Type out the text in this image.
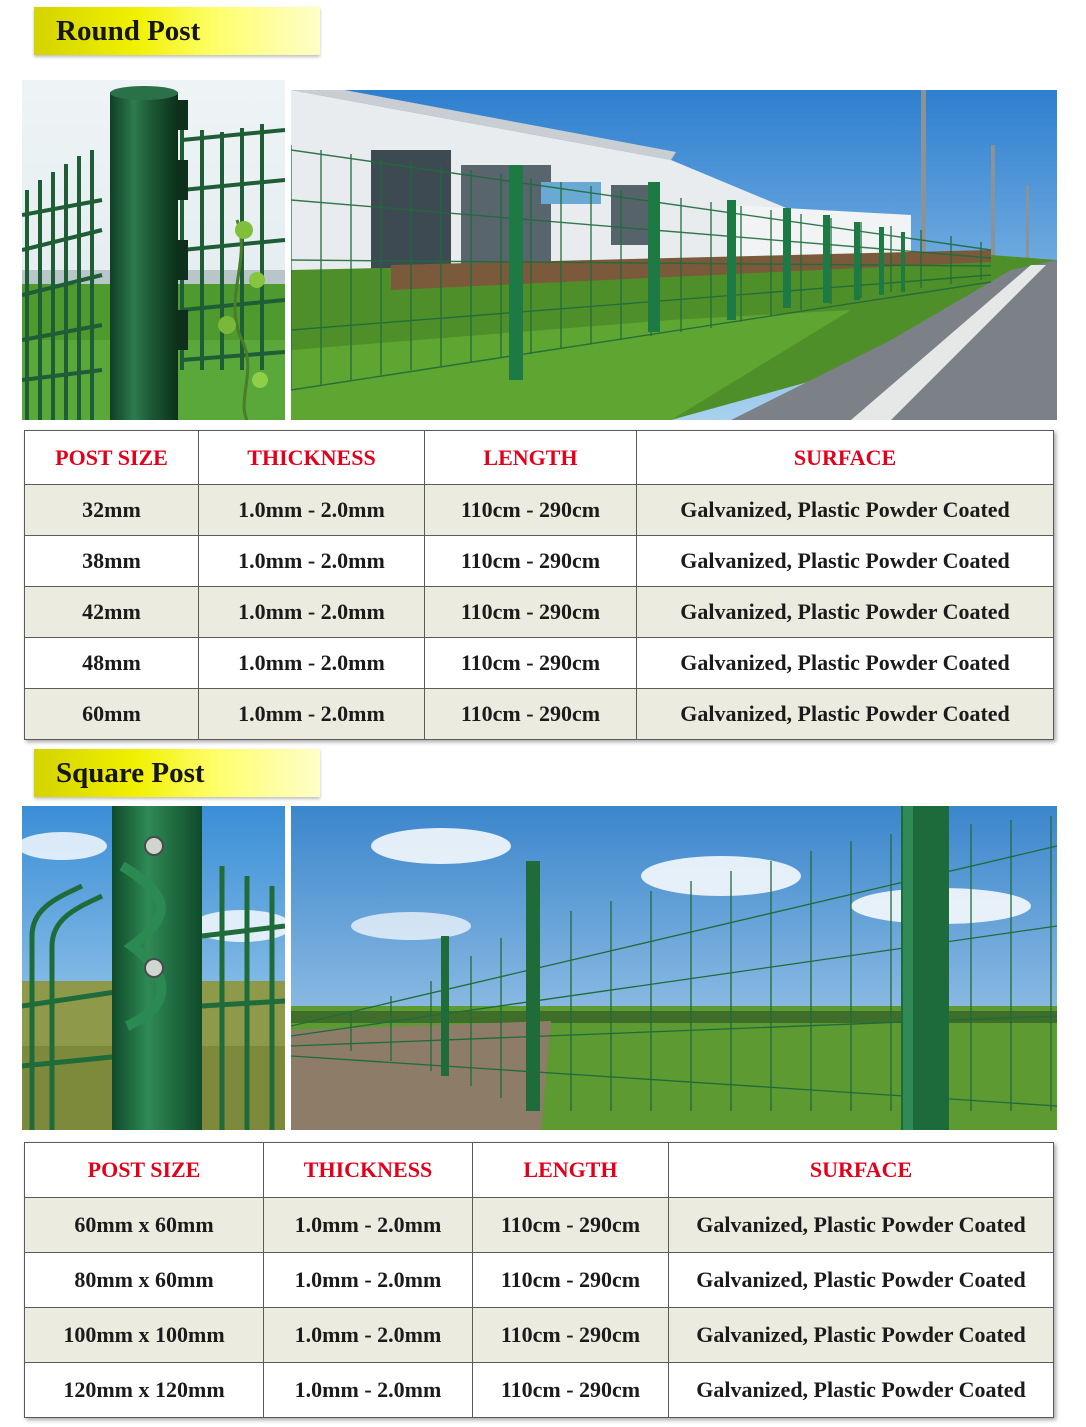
Round Post
POST SIZE	THICKNESS	LENGTH	SURFACE
32mm	1.0mm - 2.0mm	110cm - 290cm	Galvanized, Plastic Powder Coated
38mm	1.0mm - 2.0mm	110cm - 290cm	Galvanized, Plastic Powder Coated
42mm	1.0mm - 2.0mm	110cm - 290cm	Galvanized, Plastic Powder Coated
48mm	1.0mm - 2.0mm	110cm - 290cm	Galvanized, Plastic Powder Coated
60mm	1.0mm - 2.0mm	110cm - 290cm	Galvanized, Plastic Powder Coated
Square Post
POST SIZE	THICKNESS	LENGTH	SURFACE
60mm x 60mm	1.0mm - 2.0mm	110cm - 290cm	Galvanized, Plastic Powder Coated
80mm x 60mm	1.0mm - 2.0mm	110cm - 290cm	Galvanized, Plastic Powder Coated
100mm x 100mm	1.0mm - 2.0mm	110cm - 290cm	Galvanized, Plastic Powder Coated
120mm x 120mm	1.0mm - 2.0mm	110cm - 290cm	Galvanized, Plastic Powder Coated
